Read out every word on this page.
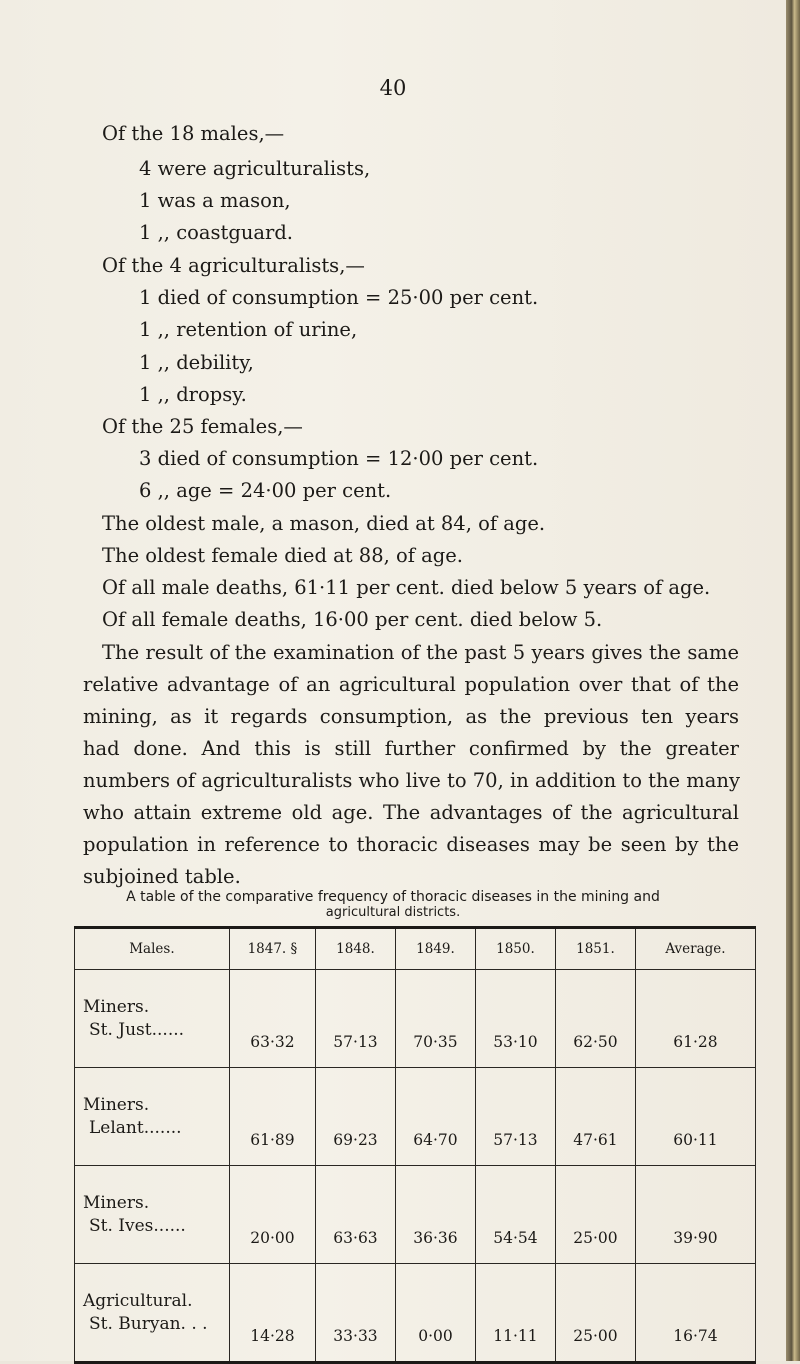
40
Of the 18 males,—
4 were agriculturalists,
1 was a mason,
1 ,, coastguard.
Of the 4 agriculturalists,—
1 died of consumption = 25·00 per cent.
1 ,, retention of urine,
1 ,, debility,
1 ,, dropsy.
Of the 25 females,—
3 died of consumption = 12·00 per cent.
6 ,, age = 24·00 per cent.
The oldest male, a mason, died at 84, of age.
The oldest female died at 88, of age.
Of all male deaths, 61·11 per cent. died below 5 years of age.
Of all female deaths, 16·00 per cent. died below 5.
The result of the examination of the past 5 years gives the same
relative advantage of an agricultural population over that of the
mining, as it regards consumption, as the previous ten years
had done. And this is still further confirmed by the greater
numbers of agriculturalists who live to 70, in addition to the many
who attain extreme old age. The advantages of the agricultural
population in reference to thoracic diseases may be seen by the
subjoined table.
A table of the comparative frequency of thoracic diseases in the mining and
agricultural districts.
Males.	1847. §	1848.	1849.	1850.	1851.	Average.

Miners.
St. Just......	63·32	57·13	70·35	53·10	62·50	61·28

Miners.
Lelant.......	61·89	69·23	64·70	57·13	47·61	60·11

Miners.
St. Ives......	20·00	63·63	36·36	54·54	25·00	39·90

Agricultural.
St. Buryan. . .	14·28	33·33	0·00	11·11	25·00	16·74
